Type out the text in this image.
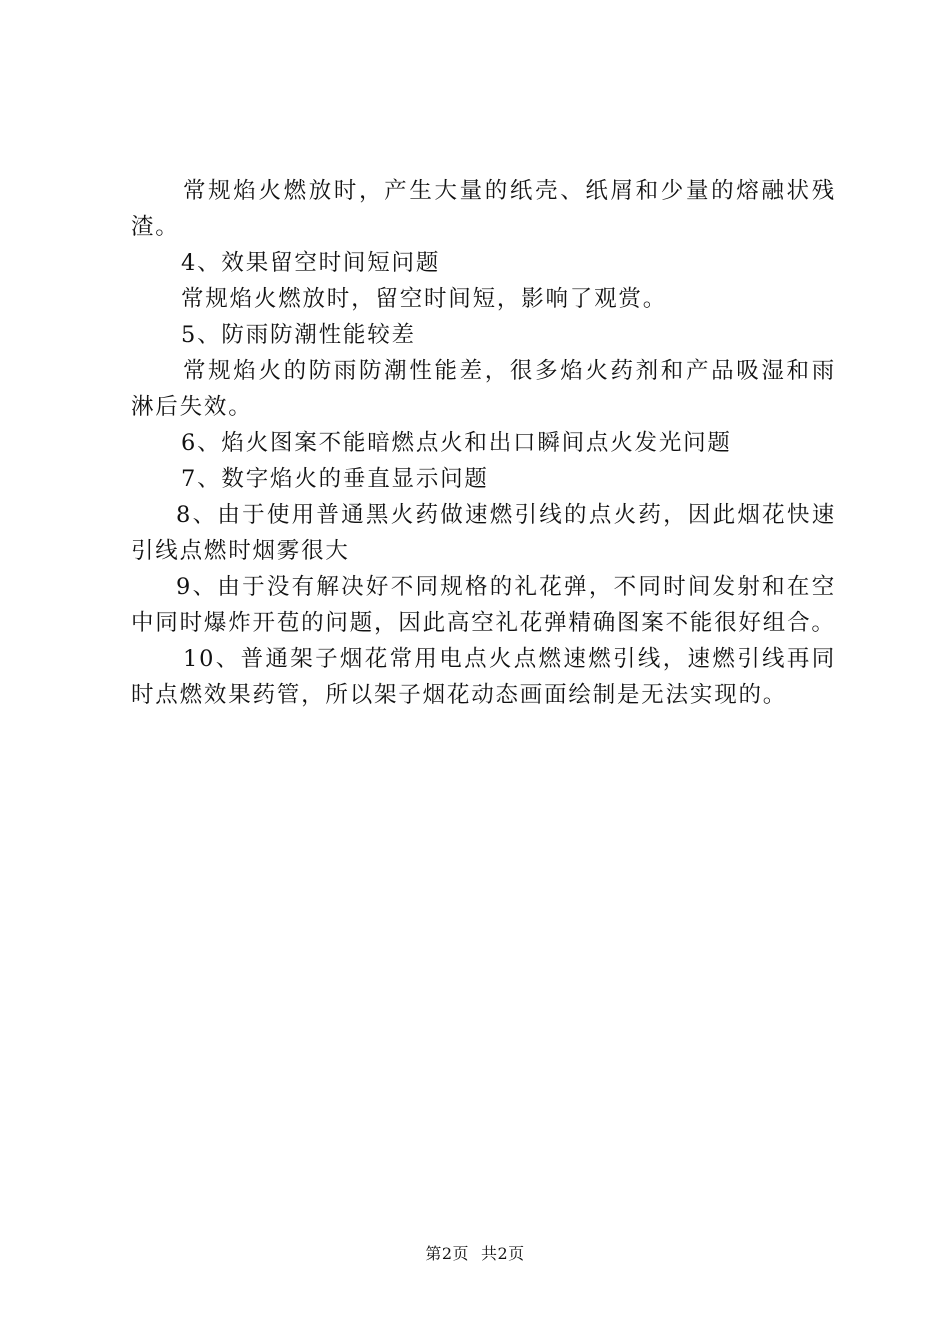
常规焰火燃放时，产生大量的纸壳、纸屑和少量的熔融状残渣。

4、效果留空时间短问题

常规焰火燃放时，留空时间短，影响了观赏。

5、防雨防潮性能较差

常规焰火的防雨防潮性能差，很多焰火药剂和产品吸湿和雨淋后失效。

6、焰火图案不能暗燃点火和出口瞬间点火发光问题

7、数字焰火的垂直显示问题

8、由于使用普通黑火药做速燃引线的点火药，因此烟花快速引线点燃时烟雾很大

9、由于没有解决好不同规格的礼花弹，不同时间发射和在空中同时爆炸开苞的问题，因此高空礼花弹精确图案不能很好组合。

10、普通架子烟花常用电点火点燃速燃引线，速燃引线再同时点燃效果药管，所以架子烟花动态画面绘制是无法实现的。

第2页 共2页
